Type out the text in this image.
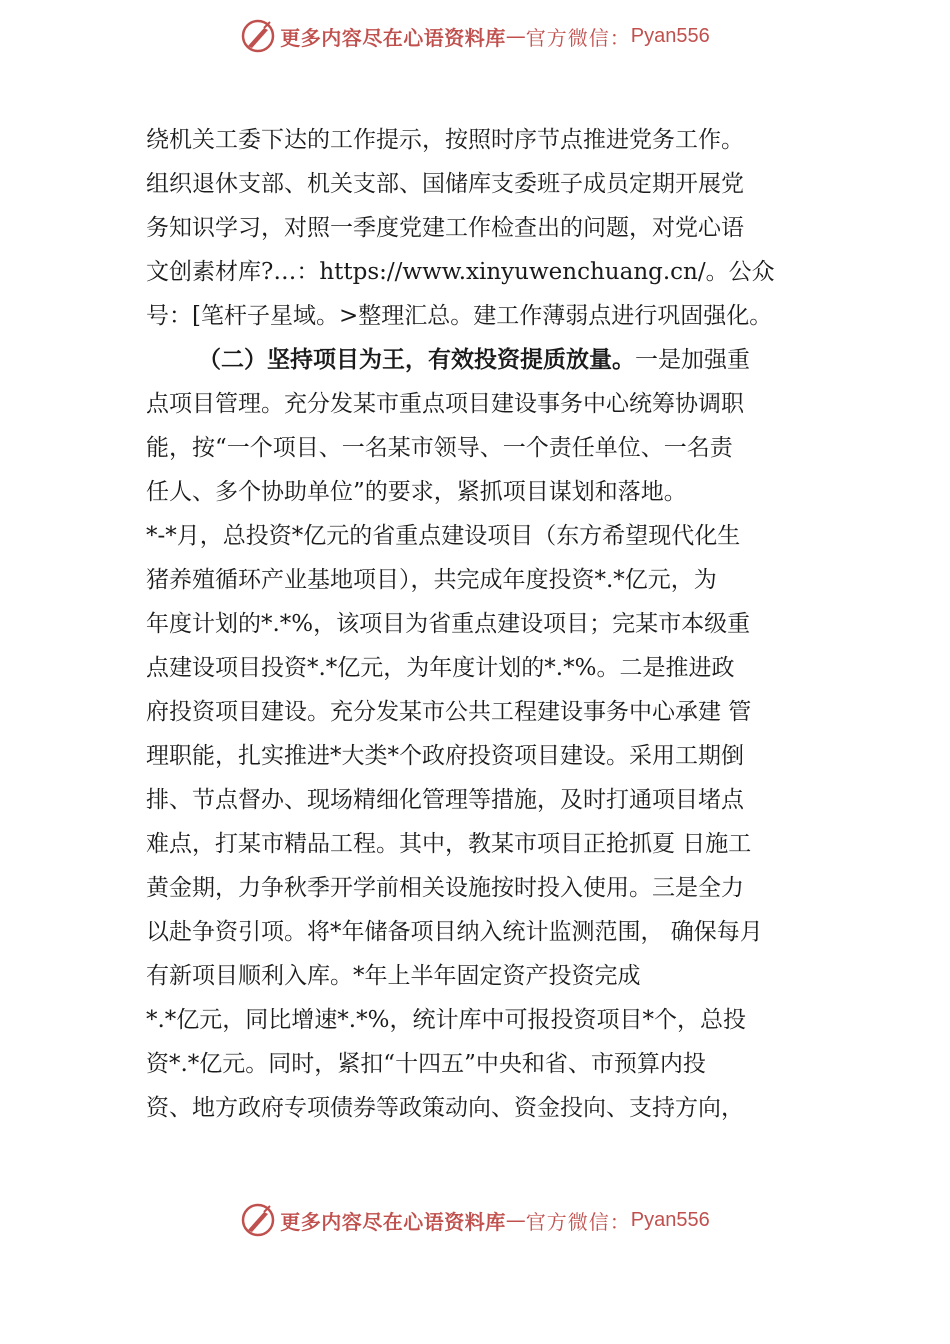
更多内容尽在心语资料库 — 官方微信： Pyan556
绕机关工委下达的工作提示，按照时序节点推进党务工作。
组织退休支部、机关支部、国储库支委班子成员定期开展党
务知识学习，对照一季度党建工作检查出的问题，对党心语
文创素材库?…：https://www.xinyuwenchuang.cn/。公众
号：[笔杆子星域。>整理汇总。建工作薄弱点进行巩固强化。
（二）坚持项目为王，有效投资提质放量。一是加强重
点项目管理。充分发某市重点项目建设事务中心统筹协调职
能，按“一个项目、一名某市领导、一个责任单位、一名责
任人、多个协助单位”的要求，紧抓项目谋划和落地。
*-*月，总投资*亿元的省重点建设项目（东方希望现代化生
猪养殖循环产业基地项目），共完成年度投资*.*亿元，为
年度计划的*.*%，该项目为省重点建设项目；完某市本级重
点建设项目投资*.*亿元，为年度计划的*.*%。二是推进政
府投资项目建设。充分发某市公共工程建设事务中心承建 管
理职能，扎实推进*大类*个政府投资项目建设。采用工期倒
排、节点督办、现场精细化管理等措施，及时打通项目堵点
难点，打某市精品工程。其中，教某市项目正抢抓夏 日施工
黄金期，力争秋季开学前相关设施按时投入使用。三是全力
以赴争资引项。将*年储备项目纳入统计监测范围， 确保每月
有新项目顺利入库。*年上半年固定资产投资完成
*.*亿元，同比增速*.*%，统计库中可报投资项目*个，总投
资*.*亿元。同时，紧扣“十四五”中央和省、市预算内投
资、地方政府专项债券等政策动向、资金投向、支持方向，
更多内容尽在心语资料库 — 官方微信： Pyan556
